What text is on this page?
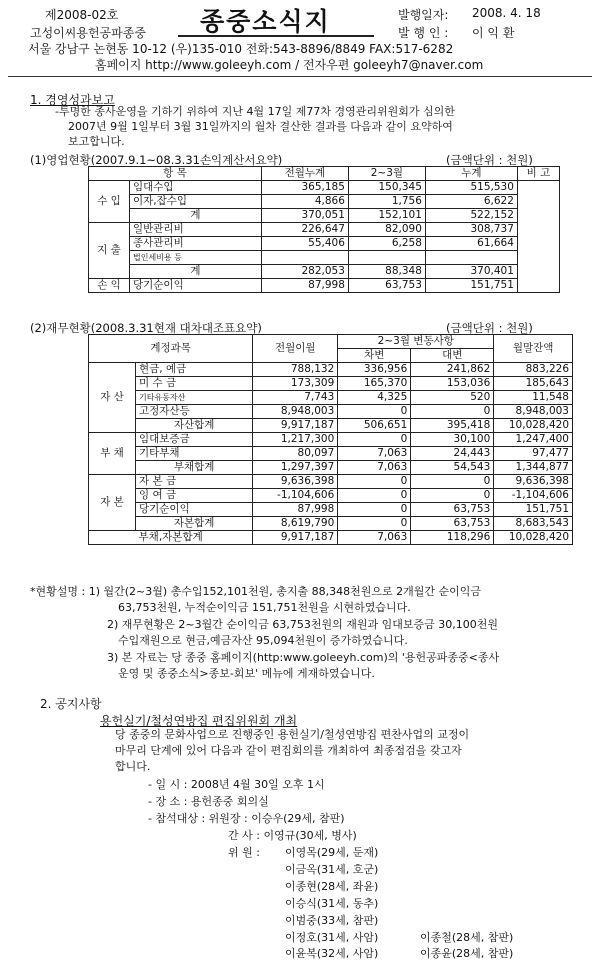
제2008-02호	종중소식지
고성이씨용헌공파종중
발행일자: 2008. 4. 18
발 행 인 : 이 익 환
서울 강남구 논현동 10-12 (우)135-010 전화:543-8896/8849 FAX:517-6282
홈페이지 http://www.goleeyh.com / 전자우편 goleeyh7@naver.com
1. 경영성과보고
-투명한 종사운영을 기하기 위하여 지난 4월 17일 제77차 경영관리위원회가 심의한
2007년 9월 1일부터 3월 31일까지의 월차 결산한 결과를 다음과 같이 요약하여
보고합니다.
(1)영업현황(2007.9.1~08.3.31손익계산서요약)	(금액단위 : 천원)
항 목		전월누계	2~3월	누계	비 고
수 입	임대수입	365,185	150,345	515,530	
	이자,잡수입	4,866	1,756	6,622	
	계	370,051	152,101	522,152	
지 출	일반관리비	226,647	82,090	308,737	
	종사관리비	55,406	6,258	61,664	
	법인세비용 등				
	계	282,053	88,348	370,401	
손 익	당기순이익	87,998	63,753	151,751	
(2)재무현황(2008.3.31현재 대차대조표요약)	(금액단위 : 천원)
계정과목		전월이월	2~3월 변동사항		월말잔액
			차변	대변	
자 산	현금, 예금	788,132	336,956	241,862	883,226
	미 수 금	173,309	165,370	153,036	185,643
	기타유동자산	7,743	4,325	520	11,548
	고정자산등	8,948,003	0	0	8,948,003
	자산합계	9,917,187	506,651	395,418	10,028,420
부 채	임대보증금	1,217,300	0	30,100	1,247,400
	기타부채	80,097	7,063	24,443	97,477
	부채합계	1,297,397	7,063	54,543	1,344,877
자 본	자 본 금	9,636,398	0	0	9,636,398
	잉 여 금	-1,104,606	0	0	-1,104,606
	당기순이익	87,998	0	63,753	151,751
	자본합계	8,619,790	0	63,753	8,683,543
부채,자본합계		9,917,187	7,063	118,296	10,028,420
*현황설명 : 1) 월간(2~3월) 총수입152,101천원, 총지출 88,348천원으로 2개월간 순이익금
63,753천원, 누적순이익금 151,751천원을 시현하였습니다.
2) 재무현황은 2~3월간 순이익금 63,753천원의 재원과 임대보증금 30,100천원
수입재원으로 현금,예금자산 95,094천원이 증가하였습니다.
3) 본 자료는 당 종중 홈페이지(http:www.goleeyh.com)의 '용헌공파종중<종사
운영 및 종중소식>종보-회보' 메뉴에 게재하였습니다.
2. 공지사항
용헌실기/철성연방집 편집위원회 개최
당 종중의 문화사업으로 진행중인 용헌실기/철성연방집 편찬사업의 교정이
마무리 단계에 있어 다음과 같이 편집회의를 개최하여 최종점검을 갖고자
합니다.
- 일 시 : 2008년 4월 30일 오후 1시
- 장 소 : 용헌종중 회의실
- 참석대상 : 위원장 : 이승우(29세, 참판)
간 사 : 이영규(30세, 병사)
위 원 : 이영목(29세, 둔재)
이금옥(31세, 호군)
이종현(28세, 좌윤)
이승식(31세, 동추)
이범중(33세, 참판)
이정호(31세, 사암)
이윤복(32세, 사암)
이종철(28세, 참판)
이종윤(28세, 참판)
